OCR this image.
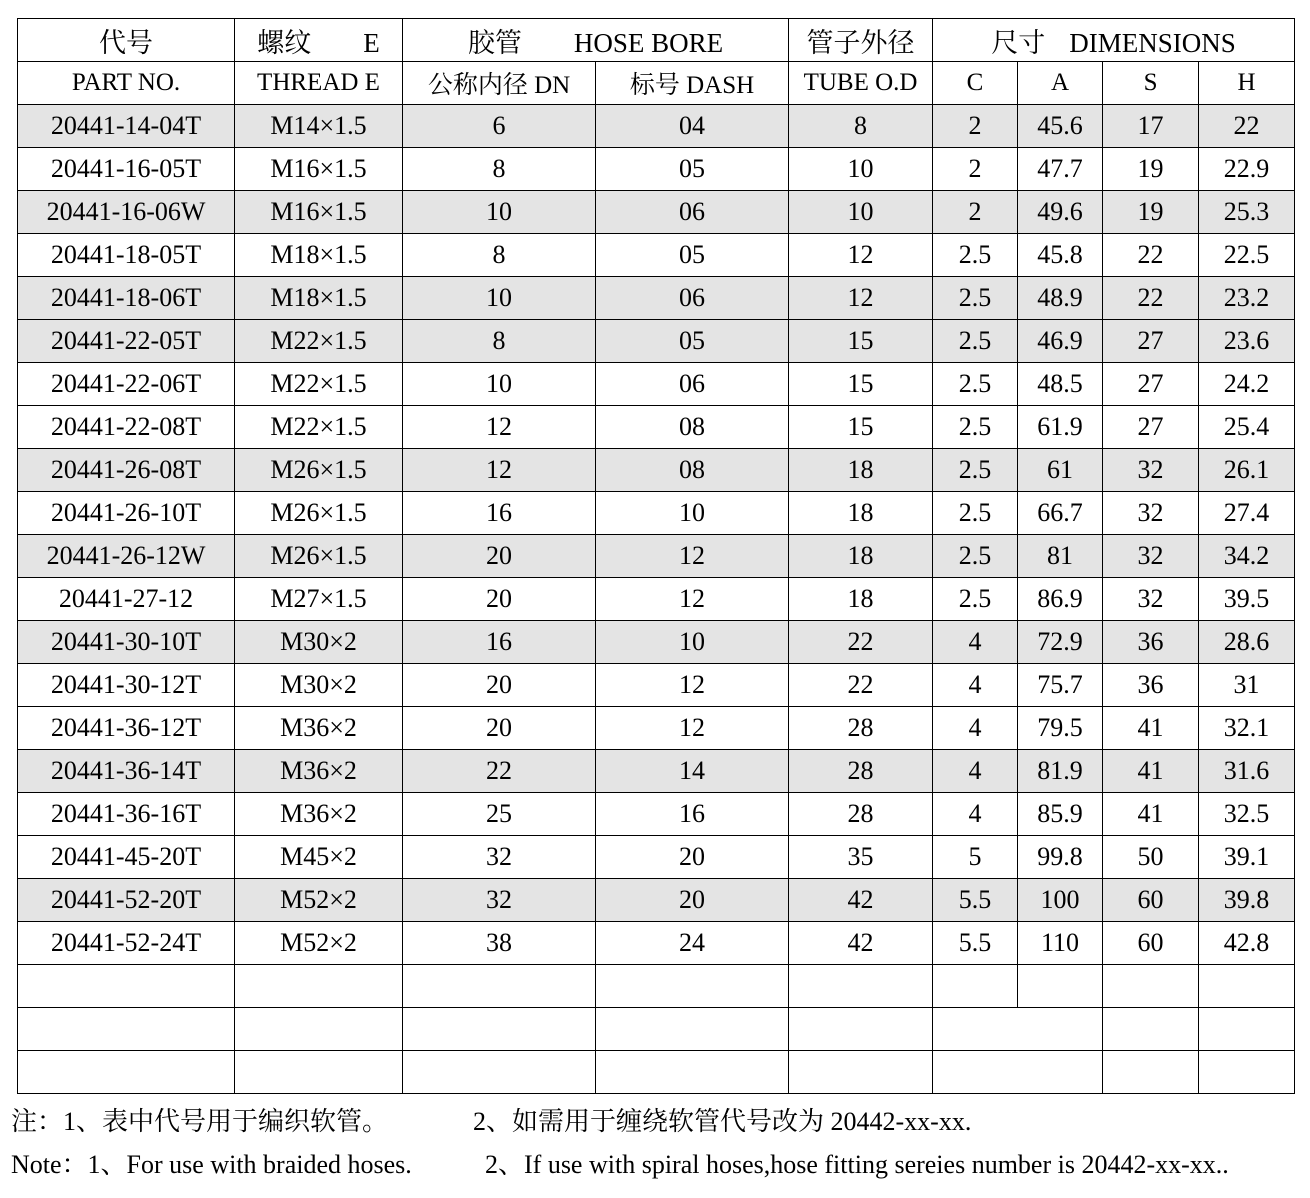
代号	螺纹 E	胶管 HOSE BORE		管子外径	尺寸 DIMENSIONS			
PART NO.	THREAD E	公称内径 DN	标号 DASH	TUBE O.D	C	A	S	H
20441-14-04T	M14×1.5	6	04	8	2	45.6	17	22
20441-16-05T	M16×1.5	8	05	10	2	47.7	19	22.9
20441-16-06W	M16×1.5	10	06	10	2	49.6	19	25.3
20441-18-05T	M18×1.5	8	05	12	2.5	45.8	22	22.5
20441-18-06T	M18×1.5	10	06	12	2.5	48.9	22	23.2
20441-22-05T	M22×1.5	8	05	15	2.5	46.9	27	23.6
20441-22-06T	M22×1.5	10	06	15	2.5	48.5	27	24.2
20441-22-08T	M22×1.5	12	08	15	2.5	61.9	27	25.4
20441-26-08T	M26×1.5	12	08	18	2.5	61	32	26.1
20441-26-10T	M26×1.5	16	10	18	2.5	66.7	32	27.4
20441-26-12W	M26×1.5	20	12	18	2.5	81	32	34.2
20441-27-12	M27×1.5	20	12	18	2.5	86.9	32	39.5
20441-30-10T	M30×2	16	10	22	4	72.9	36	28.6
20441-30-12T	M30×2	20	12	22	4	75.7	36	31
20441-36-12T	M36×2	20	12	28	4	79.5	41	32.1
20441-36-14T	M36×2	22	14	28	4	81.9	41	31.6
20441-36-16T	M36×2	25	16	28	4	85.9	41	32.5
20441-45-20T	M45×2	32	20	35	5	99.8	50	39.1
20441-52-20T	M52×2	32	20	42	5.5	100	60	39.8
20441-52-24T	M52×2	38	24	42	5.5	110	60	42.8

注：1、表中代号用于编织软管。	2、如需用于缠绕软管代号改为 20442-xx-xx.
Note：1、For use with braided hoses.	2、If use with spiral hoses,hose fitting sereies number is 20442-xx-xx..
